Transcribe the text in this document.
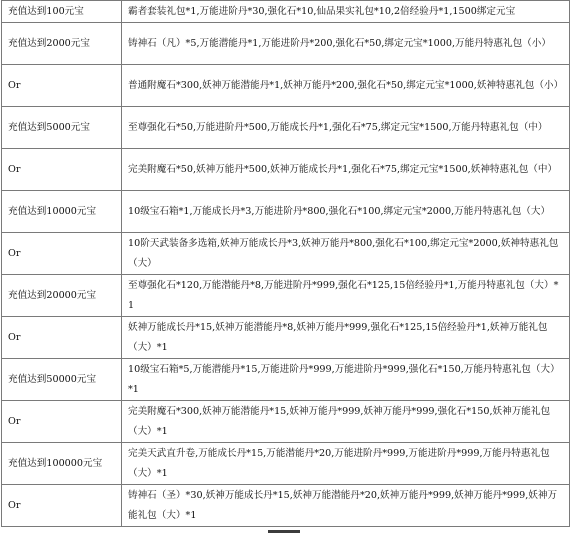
充值达到100元宝	霸者套装礼包*1,万能进阶丹*30,强化石*10,仙品果实礼包*10,2倍经验丹*1,1500绑定元宝
充值达到2000元宝	铸神石（凡）*5,万能潜能丹*1,万能进阶丹*200,强化石*50,绑定元宝*1000,万能丹特惠礼包（小）
Or	普通附魔石*300,妖神万能潜能丹*1,妖神万能丹*200,强化石*50,绑定元宝*1000,妖神特惠礼包（小）
充值达到5000元宝	至尊强化石*50,万能进阶丹*500,万能成长丹*1,强化石*75,绑定元宝*1500,万能丹特惠礼包（中）
Or	完美附魔石*50,妖神万能丹*500,妖神万能成长丹*1,强化石*75,绑定元宝*1500,妖神特惠礼包（中）
充值达到10000元宝	10级宝石箱*1,万能成长丹*3,万能进阶丹*800,强化石*100,绑定元宝*2000,万能丹特惠礼包（大）
Or	10阶天武装备多选箱,妖神万能成长丹*3,妖神万能丹*800,强化石*100,绑定元宝*2000,妖神特惠礼包（大）
充值达到20000元宝	至尊强化石*120,万能潜能丹*8,万能进阶丹*999,强化石*125,15倍经验丹*1,万能丹特惠礼包（大）*1
Or	妖神万能成长丹*15,妖神万能潜能丹*8,妖神万能丹*999,强化石*125,15倍经验丹*1,妖神万能礼包（大）*1
充值达到50000元宝	10级宝石箱*5,万能潜能丹*15,万能进阶丹*999,万能进阶丹*999,强化石*150,万能丹特惠礼包（大）*1
Or	完美附魔石*300,妖神万能潜能丹*15,妖神万能丹*999,妖神万能丹*999,强化石*150,妖神万能礼包（大）*1
充值达到100000元宝	完美天武直升卷,万能成长丹*15,万能潜能丹*20,万能进阶丹*999,万能进阶丹*999,万能丹特惠礼包（大）*1
Or	铸神石（圣）*30,妖神万能成长丹*15,妖神万能潜能丹*20,妖神万能丹*999,妖神万能丹*999,妖神万能礼包（大）*1
